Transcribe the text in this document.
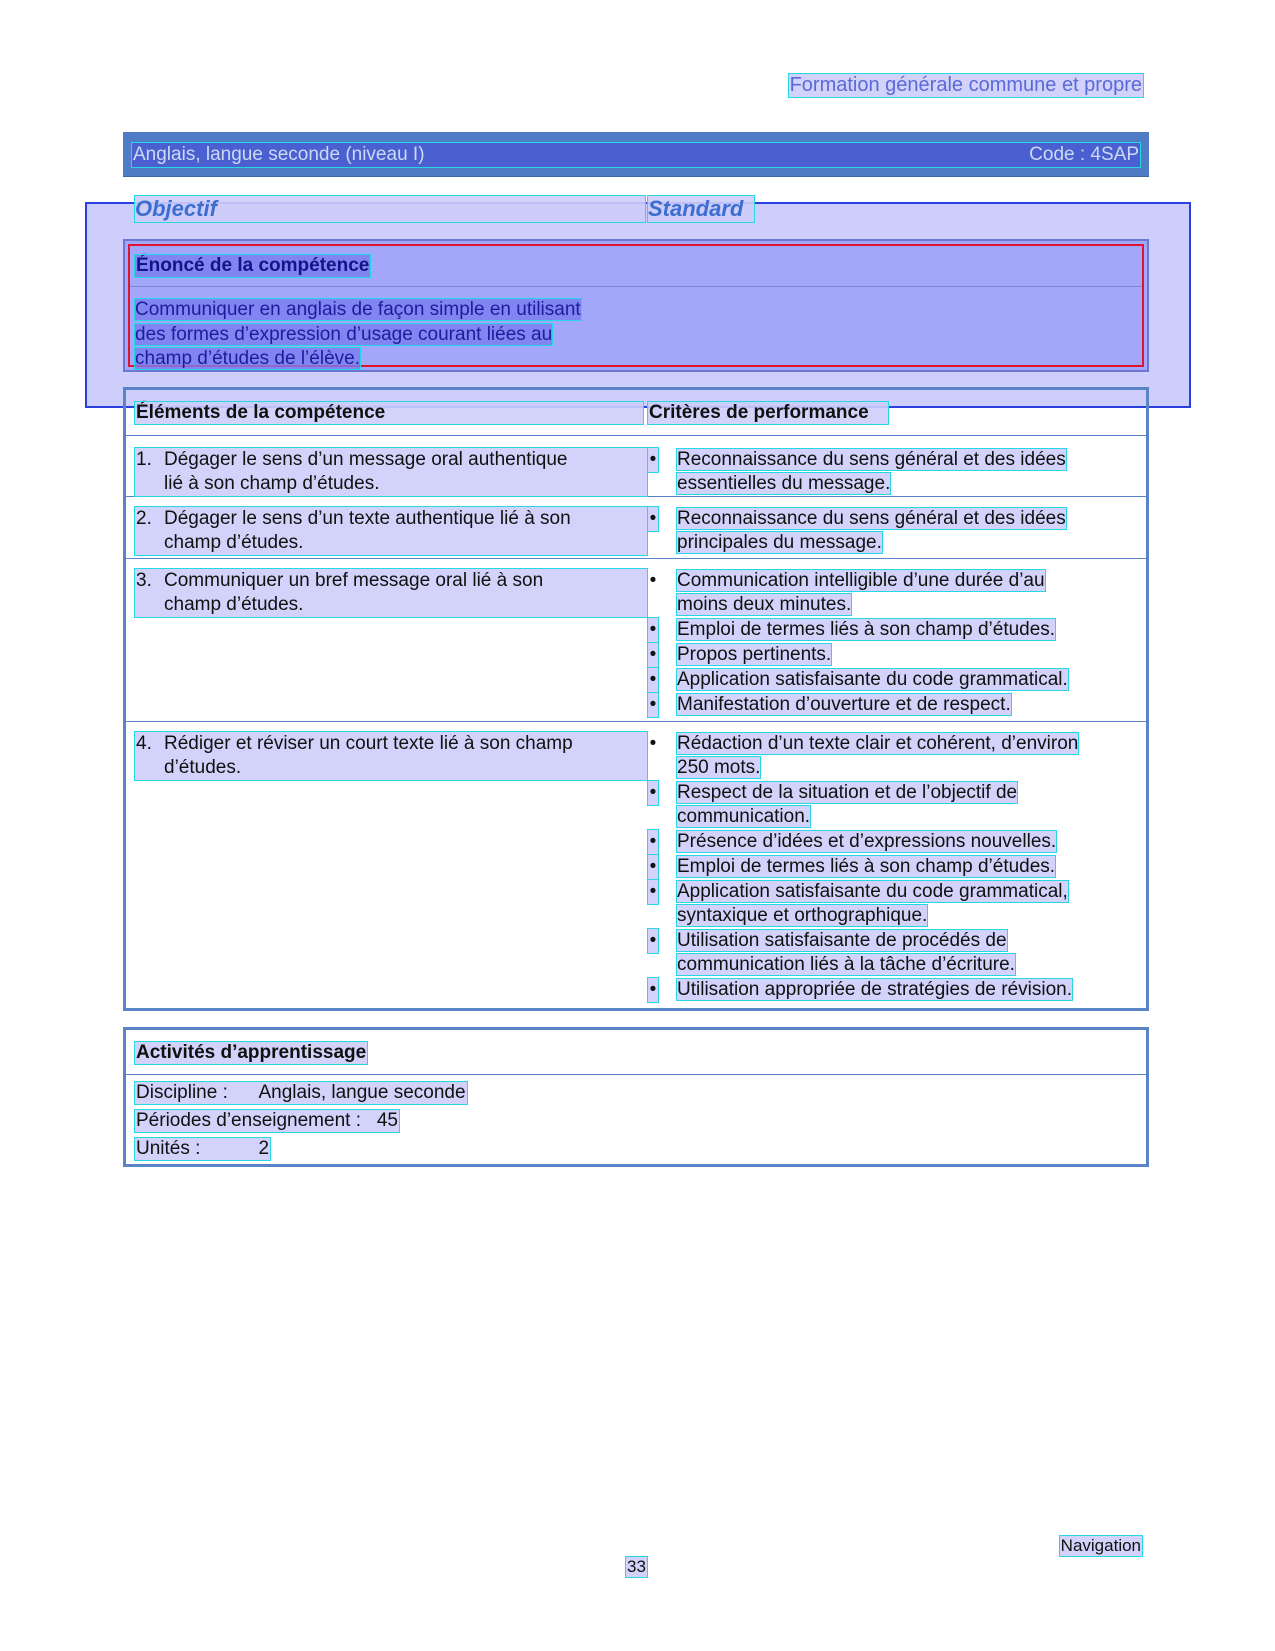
Formation générale commune et propre
Anglais, langue seconde (niveau I)	Code : 4SAP
Objectif	Standard
Énoncé de la compétence
Communiquer en anglais de façon simple en utilisant
des formes d’expression d’usage courant liées au
champ d’études de l’élève.
Éléments de la compétence	Critères de performance
1. Dégager le sens d’un message oral authentique
lié à son champ d’études.
• Reconnaissance du sens général et des idées
essentielles du message.
2. Dégager le sens d’un texte authentique lié à son
champ d’études.
• Reconnaissance du sens général et des idées
principales du message.
3. Communiquer un bref message oral lié à son
champ d’études.
• Communication intelligible d’une durée d’au
moins deux minutes.
• Emploi de termes liés à son champ d’études.
• Propos pertinents.
• Application satisfaisante du code grammatical.
• Manifestation d’ouverture et de respect.
4. Rédiger et réviser un court texte lié à son champ
d’études.
• Rédaction d’un texte clair et cohérent, d’environ
250 mots.
• Respect de la situation et de l’objectif de
communication.
• Présence d’idées et d’expressions nouvelles.
• Emploi de termes liés à son champ d’études.
• Application satisfaisante du code grammatical,
syntaxique et orthographique.
• Utilisation satisfaisante de procédés de
communication liés à la tâche d’écriture.
• Utilisation appropriée de stratégies de révision.
Activités d’apprentissage
Discipline : Anglais, langue seconde
Périodes d’enseignement : 45
Unités :	2
Navigation
33
